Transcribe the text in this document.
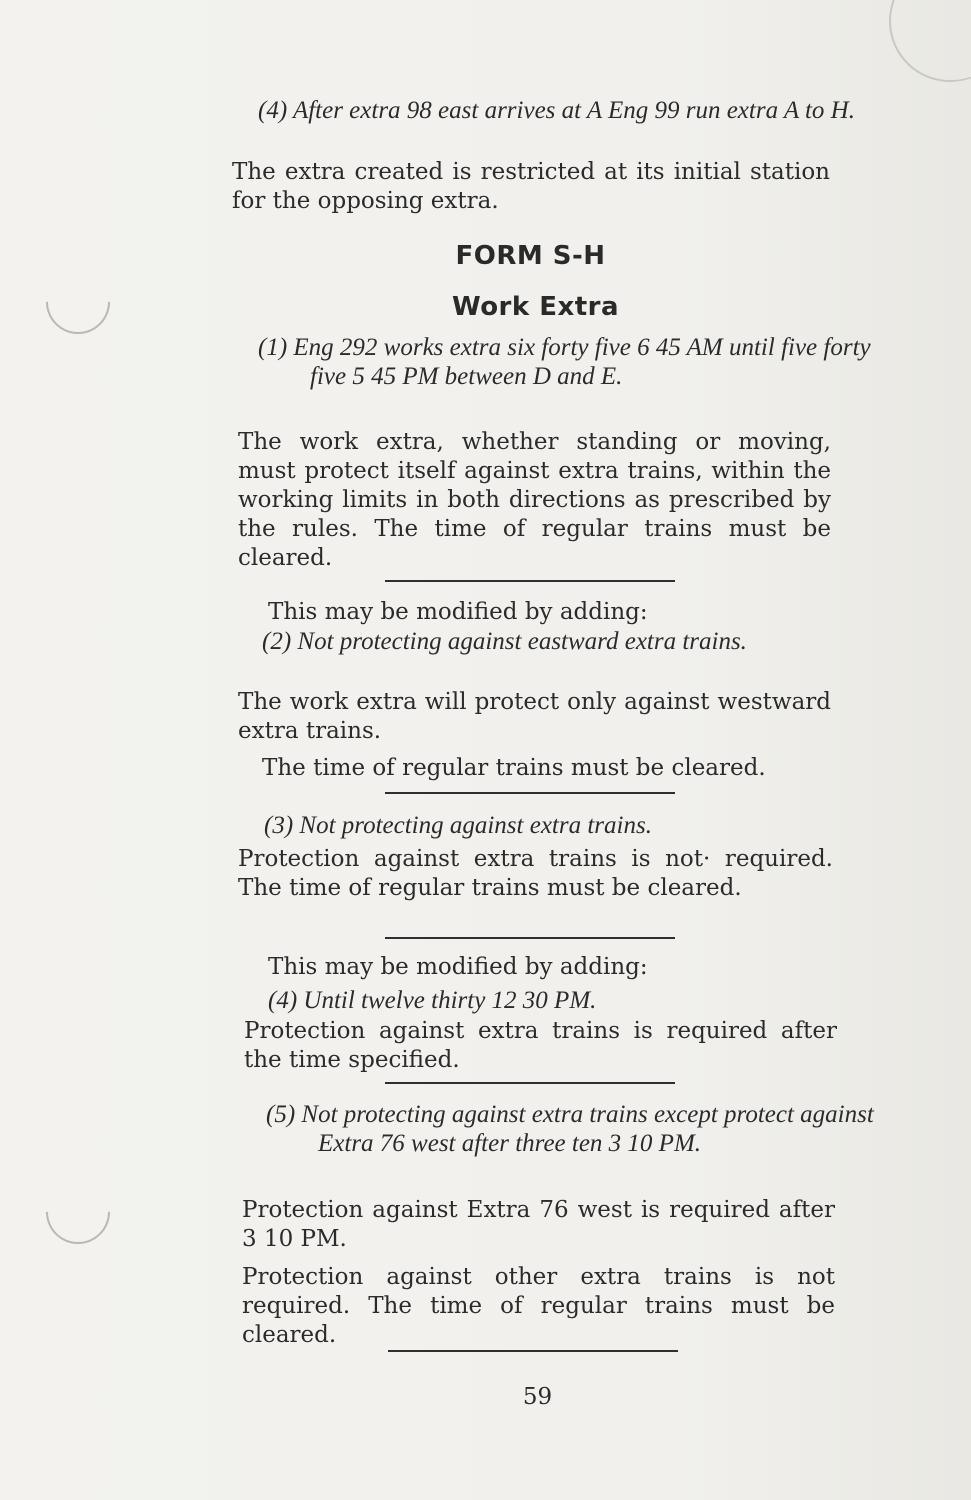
(4) After extra 98 east arrives at A Eng 99 run extra A to H.
The extra created is restricted at its initial station for the opposing extra.
FORM S-H
Work Extra
(1) Eng 292 works extra six forty five 6 45 AM until five forty five 5 45 PM between D and E.
The work extra, whether standing or moving, must protect itself against extra trains, within the working limits in both directions as prescribed by the rules. The time of regular trains must be cleared.
This may be modified by adding:
(2) Not protecting against eastward extra trains.
The work extra will protect only against westward extra trains.
The time of regular trains must be cleared.
(3) Not protecting against extra trains.
Protection against extra trains is not· required. The time of regular trains must be cleared.
This may be modified by adding:
(4) Until twelve thirty 12 30 PM.
Protection against extra trains is required after the time specified.
(5) Not protecting against extra trains except protect against Extra 76 west after three ten 3 10 PM.
Protection against Extra 76 west is required after 3 10 PM.
Protection against other extra trains is not required. The time of regular trains must be cleared.
59
